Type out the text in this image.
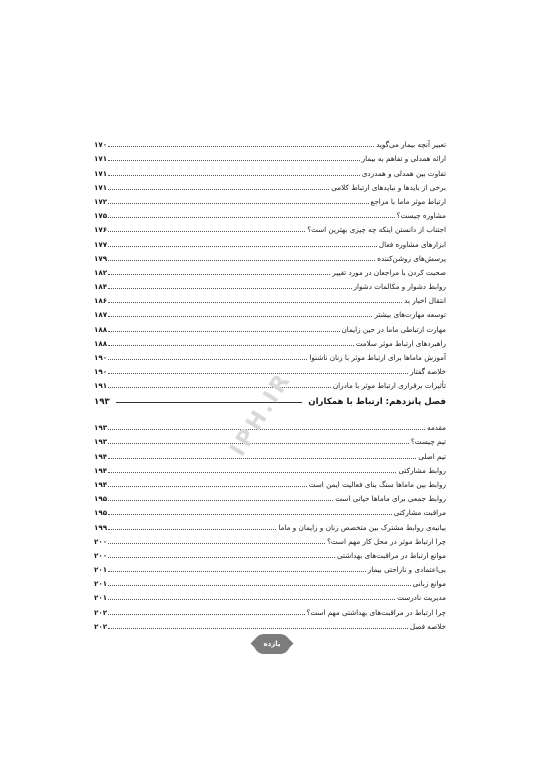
تعبیر آنچه بیمار می‌گوید
۱۷۰
ارائه همدلی و تفاهم به بیمار
۱۷۱
تفاوت بین همدلی و همدردی
۱۷۱
برخی از بایدها و نبایدهای ارتباط کلامی
۱۷۱
ارتباط موثر ماما با مراجع
۱۷۲
مشاوره چیست؟
۱۷۵
اجتناب از دانستن اینکه چه چیزی بهترین است؟
۱۷۶
ابزارهای مشاوره فعال
۱۷۷
پرسش‌های روشن‌کننده
۱۷۹
صحبت کردن با مراجعان در مورد تغییر
۱۸۲
روابط دشوار و مکالمات دشوار
۱۸۴
انتقال اخبار بد
۱۸۶
توسعه مهارت‌های بیشتر
۱۸۷
مهارت ارتباطی ماما در حین زایمان
۱۸۸
راهبردهای ارتباط موثر سلامت
۱۸۸
آموزش ماماها برای ارتباط موثر با زنان ناشنوا
۱۹۰
خلاصه گفتار
۱۹۰
تأثیرات برقراری ارتباط موثر با مادران
۱۹۱
فصل پانزدهم: ارتباط با همکاران
۱۹۳
مقدمه
۱۹۳
تیم چیست؟
۱۹۳
تیم اصلی
۱۹۴
روابط مشارکتی
۱۹۴
روابط بین ماماها سنگ بنای فعالیت ایمن است
۱۹۴
روابط جمعی برای ماماها حیاتی است
۱۹۵
مراقبت مشارکتی
۱۹۵
بیانیه‌ی روابط مشترک بین متخصص زنان و زایمان و ماما
۱۹۹
چرا ارتباط موثر در محل کار مهم است؟
۲۰۰
موانع ارتباط در مراقبت‌های بهداشتی
۲۰۰
بی‌اعتمادی و ناراحتی بیمار
۲۰۱
موانع زبانی
۲۰۱
مدیریت نادرست
۲۰۱
چرا ارتباط در مراقبت‌های بهداشتی مهم است؟
۲۰۲
خلاصه فصل
۲۰۲
IPH.IR
یازده
